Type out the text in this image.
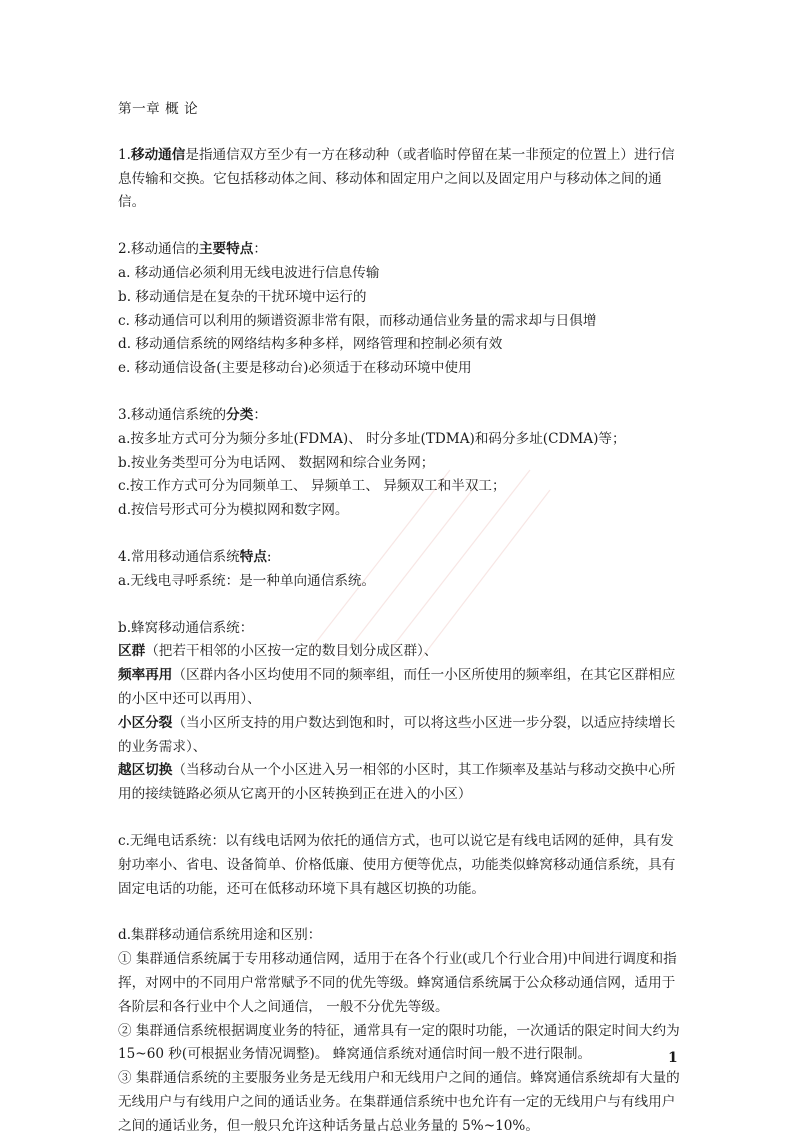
第一章 概 论

1.移动通信是指通信双方至少有一方在移动种（或者临时停留在某一非预定的位置上）进行信息传输和交换。它包括移动体之间、移动体和固定用户之间以及固定用户与移动体之间的通信。

2.移动通信的主要特点：

a. 移动通信必须利用无线电波进行信息传输

b. 移动通信是在复杂的干扰环境中运行的

c. 移动通信可以利用的频谱资源非常有限，而移动通信业务量的需求却与日俱增

d. 移动通信系统的网络结构多种多样，网络管理和控制必须有效

e. 移动通信设备(主要是移动台)必须适于在移动环境中使用

3.移动通信系统的分类：

a.按多址方式可分为频分多址(FDMA)、 时分多址(TDMA)和码分多址(CDMA)等；

b.按业务类型可分为电话网、 数据网和综合业务网；

c.按工作方式可分为同频单工、 异频单工、 异频双工和半双工；

d.按信号形式可分为模拟网和数字网。

4.常用移动通信系统特点:

a.无线电寻呼系统：是一种单向通信系统。

b.蜂窝移动通信系统：

区群（把若干相邻的小区按一定的数目划分成区群）、

频率再用（区群内各小区均使用不同的频率组，而任一小区所使用的频率组，在其它区群相应的小区中还可以再用）、

小区分裂（当小区所支持的用户数达到饱和时，可以将这些小区进一步分裂，以适应持续增长的业务需求）、

越区切换（当移动台从一个小区进入另一相邻的小区时，其工作频率及基站与移动交换中心所用的接续链路必须从它离开的小区转换到正在进入的小区）

c.无绳电话系统：以有线电话网为依托的通信方式，也可以说它是有线电话网的延伸，具有发射功率小、省电、设备简单、价格低廉、使用方便等优点，功能类似蜂窝移动通信系统，具有固定电话的功能，还可在低移动环境下具有越区切换的功能。

d.集群移动通信系统用途和区别：

① 集群通信系统属于专用移动通信网，适用于在各个行业(或几个行业合用)中间进行调度和指挥，对网中的不同用户常常赋予不同的优先等级。蜂窝通信系统属于公众移动通信网，适用于各阶层和各行业中个人之间通信， 一般不分优先等级。

② 集群通信系统根据调度业务的特征，通常具有一定的限时功能，一次通话的限定时间大约为 15~60 秒(可根据业务情况调整)。 蜂窝通信系统对通信时间一般不进行限制。

③ 集群通信系统的主要服务业务是无线用户和无线用户之间的通信。蜂窝通信系统却有大量的无线用户与有线用户之间的通话业务。在集群通信系统中也允许有一定的无线用户与有线用户之间的通话业务，但一般只允许这种话务量占总业务量的 5%~10%。

1
